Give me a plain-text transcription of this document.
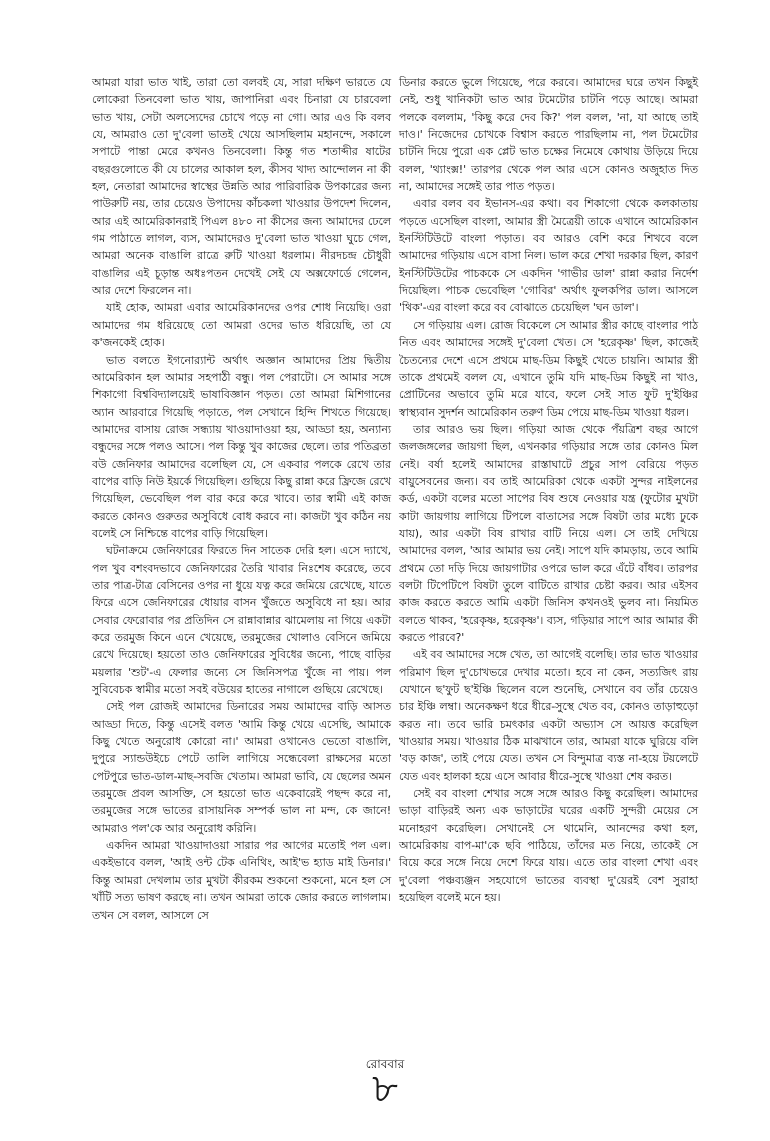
আমরা যারা ভাত খাই, তারা তো বলবই যে, সারা দক্ষিণ ভারতে যে লোকেরা তিনবেলা ভাত খায়, জাপানিরা এবং চিনারা যে চারবেলা ভাত খায়, সেটা অলস্যেদের চোখে পড়ে না গো। আর এও কি বলব যে, আমরাও তো দু'বেলা ভাতই খেয়ে আসছিলাম মহানন্দে, সকালে সপাটে পান্তা মেরে কখনও তিনবেলা। কিন্তু গত শতাব্দীর ষাটের বছরগুলোতে কী যে চালের আকাল হল, কীসব খাদ্য আন্দোলন না কী হল, নেতারা আমাদের স্বাস্থের উন্নতি আর পারিবারিক উপকারের জন্য পাউরুটি নয়, তার চেয়েও উপাদেয় কাঁচকলা খাওয়ার উপদেশ দিলেন, আর এই আমেরিকানরাই পিএল ৪৮০ না কীসের জন্য আমাদের ঢেলে গম পাঠাতে লাগল, ব্যস, আমাদেরও দু'বেলা ভাত খাওয়া ঘুচে গেল, আমরা অনেক বাঙালি রাত্রে রুটি খাওয়া ধরলাম। নীরদচন্দ্র চৌধুরী বাঙালির এই চূড়ান্ত অধঃপতন দেখেই সেই যে অক্সফোর্ডে গেলেন, আর দেশে ফিরলেন না।

যাই হোক, আমরা এবার আমেরিকানদের ওপর শোধ নিয়েছি। ওরা আমাদের গম ধরিয়েছে তো আমরা ওদের ভাত ধরিয়েছি, তা যে ক'জনকেই হোক।

ভাত বলতে ইগনোর‍্যান্ট অর্থাৎ অজ্ঞান আমাদের প্রিয় দ্বিতীয় আমেরিকান হল আমার সহপাঠী বন্ধু। পল পেরাটো। সে আমার সঙ্গে শিকাগো বিশ্ববিদ্যালয়েই ভাষাবিজ্ঞান পড়ত। তো আমরা মিশিগানের অ্যান আরবারে গিয়েছি পড়াতে, পল সেখানে হিন্দি শিখতে গিয়েছে। আমাদের বাসায় রোজ সন্ধ্যায় খাওয়াদাওয়া হয়, আড্ডা হয়, অন্যান্য বন্ধুদের সঙ্গে পলও আসে। পল কিন্তু খুব কাজের ছেলে। তার পতিব্রতা বউ জেনিফার আমাদের বলেছিল যে, সে একবার পলকে রেখে তার বাপের বাড়ি নিউ ইয়র্কে গিয়েছিল। গুছিয়ে কিছু রান্না করে ফ্রিজে রেখে গিয়েছিল, ভেবেছিল পল বার করে করে খাবে। তার স্বামী এই কাজ করতে কোনও গুরুতর অসুবিধে বোধ করবে না। কাজটা খুব কঠিন নয় বলেই সে নিশ্চিন্তে বাপের বাড়ি গিয়েছিল।

ঘটনাক্রমে জেনিফারের ফিরতে দিন সাতেক দেরি হল। এসে দ্যাখে, পল খুব বশংবদভাবে জেনিফারের তৈরি খাবার নিঃশেষ করেছে, তবে তার পাত্র-টাত্র বেসিনের ওপর না ধুয়ে যত্ন করে জমিয়ে রেখেছে, যাতে ফিরে এসে জেনিফারের ধোয়ার বাসন খুঁজতে অসুবিধে না হয়। আর সেবার ফেরোবার পর প্রতিদিন সে রান্নাবান্নার ঝামেলায় না গিয়ে একটা করে তরমুজ কিনে এনে খেয়েছে, তরমুজের খোলাও বেসিনে জমিয়ে রেখে দিয়েছে। হয়তো তাও জেনিফারের সুবিধের জন্যে, পাছে বাড়ির ময়লার 'শুট'-এ ফেলার জন্যে সে জিনিসপত্র খুঁজে না পায়। পল সুবিবেচক স্বামীর মতো সবই বউয়ের হাতের নাগালে গুছিয়ে রেখেছে।

সেই পল রোজই আমাদের ডিনারের সময় আমাদের বাড়ি আসত আড্ডা দিতে, কিন্তু এসেই বলত 'আমি কিন্তু খেয়ে এসেছি, আমাকে কিছু খেতে অনুরোধ কোরো না।' আমরা ওখানেও ভেতো বাঙালি, দুপুরে স্যান্ডউইচে পেটে তালি লাগিয়ে সন্ধেবেলা রাক্ষসের মতো পেটপুরে ভাত-ডাল-মাছ-সবজি খেতাম। আমরা ভাবি, যে ছেলের অমন তরমুজে প্রবল আসক্তি, সে হয়তো ভাত একেবারেই পছন্দ করে না, তরমুজের সঙ্গে ভাতের রাসায়নিক সম্পর্ক ভাল না মন্দ, কে জানে! আমরাও পল'কে আর অনুরোধ করিনি।

একদিন আমরা খাওয়াদাওয়া সারার পর আগের মতোই পল এল। একইভাবে বলল, 'আই ওন্ট টেক এনিথিং, আই'ভ হ্যাড মাই ডিনার।' কিন্তু আমরা দেখলাম তার মুখটা কীরকম শুকনো শুকনো, মনে হল সে খাঁটি সত্য ভাষণ করছে না। তখন আমরা তাকে জোর করতে লাগলাম। তখন সে বলল, আসলে সে

ডিনার করতে ভুলে গিয়েছে, পরে করবে। আমাদের ঘরে তখন কিছুই নেই, শুধু খানিকটা ভাত আর টমেটোর চাটনি পড়ে আছে। আমরা পলকে বললাম, 'কিছু করে দেব কি?' পল বলল, 'না, যা আছে তাই দাও।' নিজেদের চোখকে বিশ্বাস করতে পারছিলাম না, পল টমেটোর চাটনি দিয়ে পুরো এক প্লেট ভাত চক্ষের নিমেষে কোথায় উড়িয়ে দিয়ে বলল, 'থ্যাংক্স!' তারপর থেকে পল আর এসে কোনও অজুহাত দিত না, আমাদের সঙ্গেই তার পাত পড়ত।

এবার বলব বব ইভানস-এর কথা। বব শিকাগো থেকে কলকাতায় পড়তে এসেছিল বাংলা, আমার স্ত্রী মৈত্রেয়ী তাকে এখানে আমেরিকান ইনস্টিটিউটে বাংলা পড়াত। বব আরও বেশি করে শিখবে বলে আমাদের গড়িয়ায় এসে বাসা নিল। ভাল করে শেখা দরকার ছিল, কারণ ইনস্টিটিউটের পাচককে সে একদিন 'গাভীর ডাল' রান্না করার নির্দেশ দিয়েছিল। পাচক ভেবেছিল 'গোবির' অর্থাৎ ফুলকপির ডাল। আসলে 'থিক'-এর বাংলা করে বব বোঝাতে চেয়েছিল 'ঘন ডাল'।

সে গড়িয়ায় এল। রোজ বিকেলে সে আমার স্ত্রীর কাছে বাংলার পাঠ নিত এবং আমাদের সঙ্গেই দু'বেলা খেত। সে 'হরেকৃষ্ণ' ছিল, কাজেই চৈতন্যের দেশে এসে প্রথমে মাছ-ডিম কিছুই খেতে চায়নি। আমার স্ত্রী তাকে প্রথমেই বলল যে, এখানে তুমি যদি মাছ-ডিম কিছুই না খাও, প্রোটিনের অভাবে তুমি মরে যাবে, ফলে সেই সাত ফুট দু'ইঞ্চির স্বাস্থ্যবান সুদর্শন আমেরিকান তরুণ ডিম পেয়ে মাছ-ডিম খাওয়া ধরল।

তার আরও ভয় ছিল। গড়িয়া আজ থেকে পঁয়ত্রিশ বছর আগে জলজঙ্গলের জায়গা ছিল, এখনকার গড়িয়ার সঙ্গে তার কোনও মিল নেই। বর্ষা হলেই আমাদের রাস্তাঘাটে প্রচুর সাপ বেরিয়ে পড়ত বায়ুসেবনের জন্য। বব তাই আমেরিকা থেকে একটা সুন্দর নাইলনের কর্ড, একটা বলের মতো সাপের বিষ শুষে নেওয়ার যন্ত্র (ফুটোর মুখটা কাটা জায়গায় লাগিয়ে টিপলে বাতাসের সঙ্গে বিষটা তার মধ্যে ঢুকে যায়), আর একটা বিষ রাখার বাটি নিয়ে এল। সে তাই দেখিয়ে আমাদের বলল, 'আর আমার ভয় নেই। সাপে যদি কামড়ায়, তবে আমি প্রথমে তো দড়ি দিয়ে জায়গাটার ওপরে ভাল করে এঁটে বাঁধব। তারপর বলটা টিপেটিপে বিষটা তুলে বাটিতে রাখার চেষ্টা করব। আর এইসব কাজ করতে করতে আমি একটা জিনিস কখনওই ভুলব না। নিয়মিত বলতে থাকব, 'হরেকৃষ্ণ, হরেকৃষ্ণ'। ব্যস, গড়িয়ার সাপে আর আমার কী করতে পারবে?'

এই বব আমাদের সঙ্গে খেত, তা আগেই বলেছি। তার ভাত খাওয়ার পরিমাণ ছিল দু'চোখভরে দেখার মতো। হবে না কেন, সত্যজিৎ রায় যেখানে ছ'ফুট ছ'ইঞ্চি ছিলেন বলে শুনেছি, সেখানে বব তাঁর চেয়েও চার ইঞ্চি লম্বা। অনেকক্ষণ ধরে ধীরে-সুস্থে খেত বব, কোনও তাড়াহুড়ো করত না। তবে ভারি চমৎকার একটা অভ্যাস সে আয়ত্ত করেছিল খাওয়ার সময়। খাওয়ার ঠিক মাঝখানে তার, আমরা যাকে ঘুরিয়ে বলি 'বড় কাজ', তাই পেয়ে যেত। তখন সে বিন্দুমাত্র ব্যস্ত না-হয়ে টয়লেটে যেত এবং হালকা হয়ে এসে আবার ধীরে-সুস্থে খাওয়া শেষ করত।

সেই বব বাংলা শেখার সঙ্গে সঙ্গে আরও কিছু করেছিল। আমাদের ভাড়া বাড়িরই অন্য এক ভাড়াটের ঘরের একটি সুন্দরী মেয়ের সে মনোহরণ করেছিল। সেখানেই সে থামেনি, আনন্দের কথা হল, আমেরিকায় বাপ-মা'কে ছবি পাঠিয়ে, তাঁদের মত নিয়ে, তাকেই সে বিয়ে করে সঙ্গে নিয়ে দেশে ফিরে যায়। এতে তার বাংলা শেখা এবং দু'বেলা পঞ্চব্যঞ্জন সহযোগে ভাতের ব্যবস্থা দু'য়েরই বেশ সুরাহা হয়েছিল বলেই মনে হয়।

রোববার
৮
